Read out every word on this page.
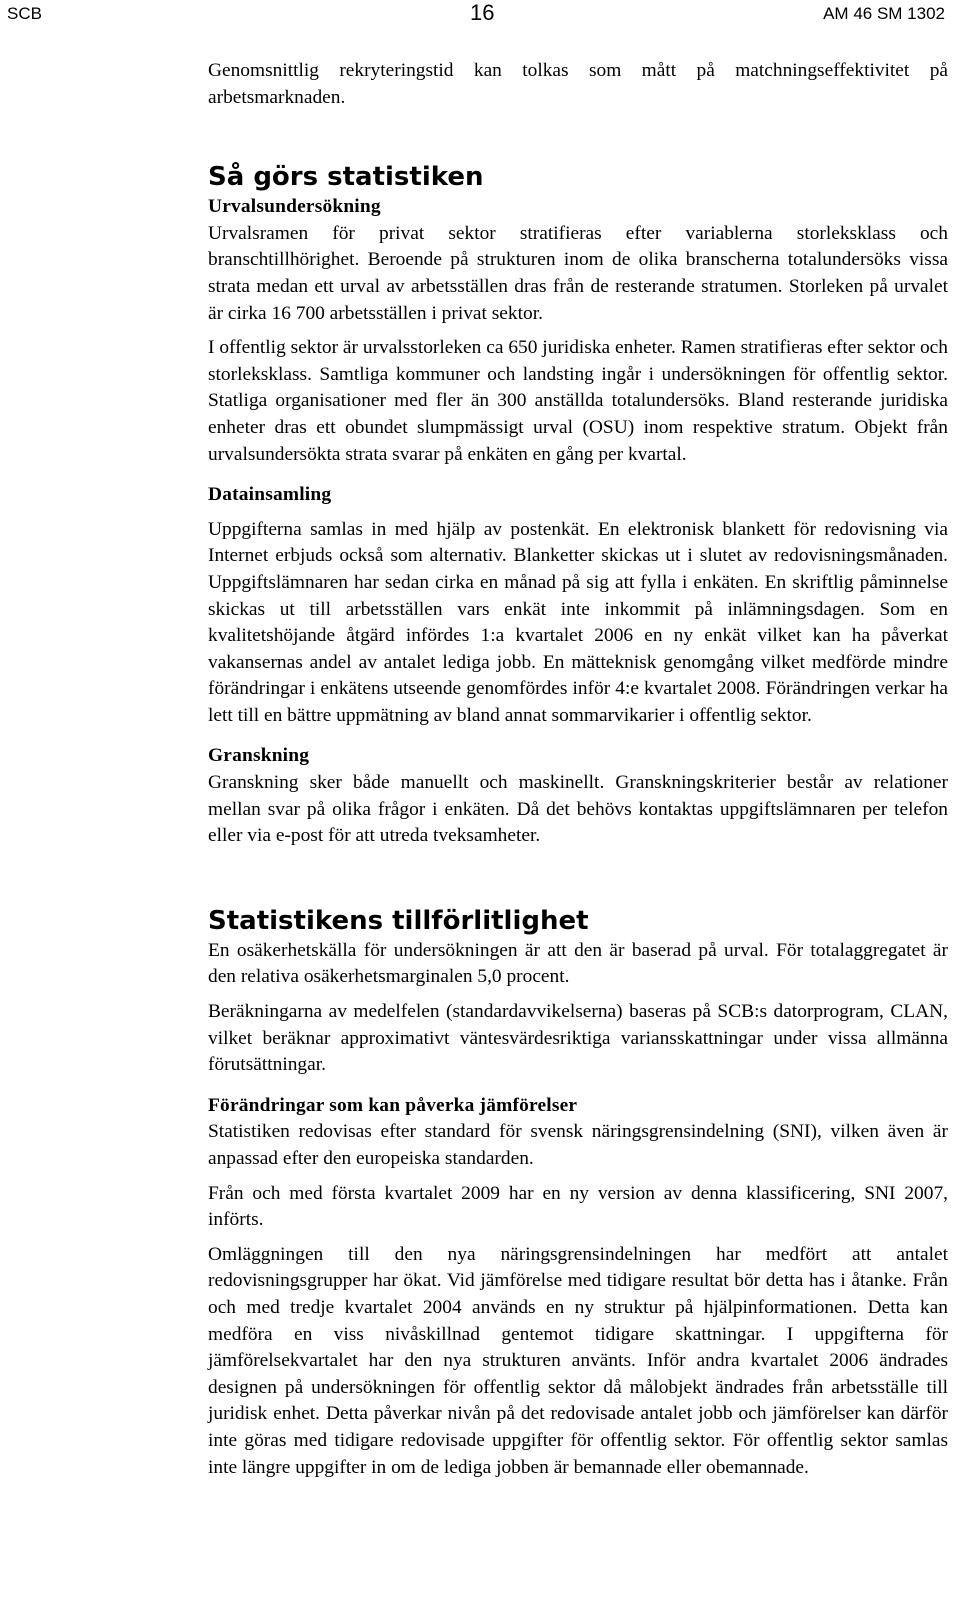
SCB	16	AM 46 SM 1302

Genomsnittlig rekryteringstid kan tolkas som mått på matchningseffektivitet på arbetsmarknaden.

Så görs statistiken
Urvalsundersökning

Urvalsramen för privat sektor stratifieras efter variablerna storleksklass och branschtillhörighet. Beroende på strukturen inom de olika branscherna totalundersöks vissa strata medan ett urval av arbetsställen dras från de resterande stratumen. Storleken på urvalet är cirka 16 700 arbetsställen i privat sektor.

I offentlig sektor är urvalsstorleken ca 650 juridiska enheter. Ramen stratifieras efter sektor och storleksklass. Samtliga kommuner och landsting ingår i undersökningen för offentlig sektor. Statliga organisationer med fler än 300 anställda totalundersöks. Bland resterande juridiska enheter dras ett obundet slumpmässigt urval (OSU) inom respektive stratum. Objekt från urvalsundersökta strata svarar på enkäten en gång per kvartal.

Datainsamling

Uppgifterna samlas in med hjälp av postenkät. En elektronisk blankett för redovisning via Internet erbjuds också som alternativ. Blanketter skickas ut i slutet av redovisningsmånaden. Uppgiftslämnaren har sedan cirka en månad på sig att fylla i enkäten. En skriftlig påminnelse skickas ut till arbetsställen vars enkät inte inkommit på inlämningsdagen. Som en kvalitetshöjande åtgärd infördes 1:a kvartalet 2006 en ny enkät vilket kan ha påverkat vakansernas andel av antalet lediga jobb. En mätteknisk genomgång vilket medförde mindre förändringar i enkätens utseende genomfördes inför 4:e kvartalet 2008. Förändringen verkar ha lett till en bättre uppmätning av bland annat sommarvikarier i offentlig sektor.

Granskning

Granskning sker både manuellt och maskinellt. Granskningskriterier består av relationer mellan svar på olika frågor i enkäten. Då det behövs kontaktas uppgiftslämnaren per telefon eller via e-post för att utreda tveksamheter.

Statistikens tillförlitlighet

En osäkerhetskälla för undersökningen är att den är baserad på urval. För totalaggregatet är den relativa osäkerhetsmarginalen 5,0 procent.

Beräkningarna av medelfelen (standardavvikelserna) baseras på SCB:s datorprogram, CLAN, vilket beräknar approximativt väntesvärdesriktiga variansskattningar under vissa allmänna förutsättningar.

Förändringar som kan påverka jämförelser

Statistiken redovisas efter standard för svensk näringsgrensindelning (SNI), vilken även är anpassad efter den europeiska standarden.

Från och med första kvartalet 2009 har en ny version av denna klassificering, SNI 2007, införts.

Omläggningen till den nya näringsgrensindelningen har medfört att antalet redovisningsgrupper har ökat. Vid jämförelse med tidigare resultat bör detta has i åtanke. Från och med tredje kvartalet 2004 används en ny struktur på hjälpinformationen. Detta kan medföra en viss nivåskillnad gentemot tidigare skattningar. I uppgifterna för jämförelsekvartalet har den nya strukturen använts. Inför andra kvartalet 2006 ändrades designen på undersökningen för offentlig sektor då målobjekt ändrades från arbetsställe till juridisk enhet. Detta påverkar nivån på det redovisade antalet jobb och jämförelser kan därför inte göras med tidigare redovisade uppgifter för offentlig sektor. För offentlig sektor samlas inte längre uppgifter in om de lediga jobben är bemannade eller obemannade.
